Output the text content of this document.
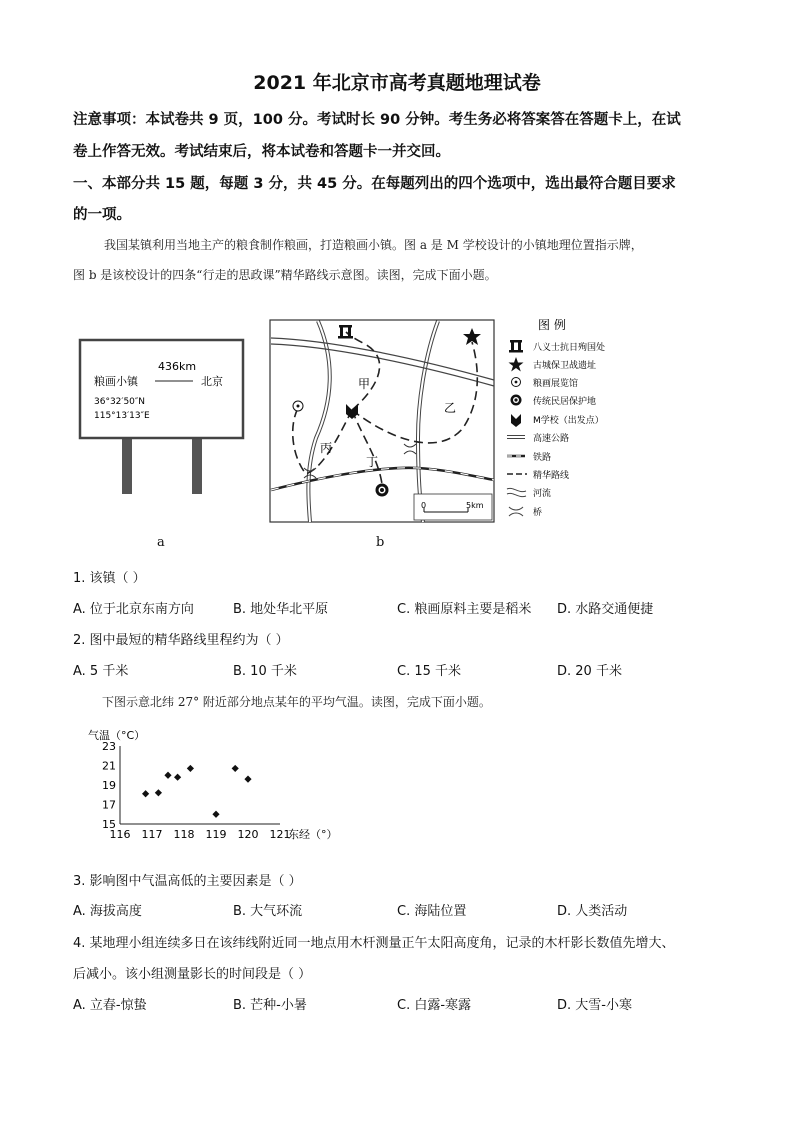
2021 年北京市高考真题地理试卷
注意事项：本试卷共 9 页，100 分。考试时长 90 分钟。考生务必将答案答在答题卡上，在试
卷上作答无效。考试结束后，将本试卷和答题卡一并交回。
一、本部分共 15 题，每题 3 分，共 45 分。在每题列出的四个选项中，选出最符合题目要求
的一项。
我国某镇利用当地主产的粮食制作粮画，打造粮画小镇。图 a 是 M 学校设计的小镇地理位置指示牌，
图 b 是该校设计的四条“行走的思政课”精华路线示意图。读图，完成下面小题。
436km
粮画小镇	北京
36°32′50″N
115°13′13″E
a
甲
乙
丙
丁
0	5km
b
图 例
八义士抗日殉国处
古城保卫战遗址
粮画展览馆
传统民居保护地
M学校（出发点）
高速公路
铁路
精华路线
河流
桥
1. 该镇（ ）
A. 位于北京东南方向	B. 地处华北平原	C. 粮画原料主要是稻米 D. 水路交通便捷
2. 图中最短的精华路线里程约为（ ）
A. 5 千米	B. 10 千米	C. 15 千米	D. 20 千米
下图示意北纬 27° 附近部分地点某年的平均气温。读图，完成下面小题。
气温（°C）
15
17
19
21
23
116 117 118 119 120 121
东经（°）
3. 影响图中气温高低的主要因素是（ ）
A. 海拔高度	B. 大气环流	C. 海陆位置	D. 人类活动
4. 某地理小组连续多日在该纬线附近同一地点用木杆测量正午太阳高度角，记录的木杆影长数值先增大、
后减小。该小组测量影长的时间段是（ ）
A. 立春-惊蛰	B. 芒种-小暑	C. 白露-寒露	D. 大雪-小寒
